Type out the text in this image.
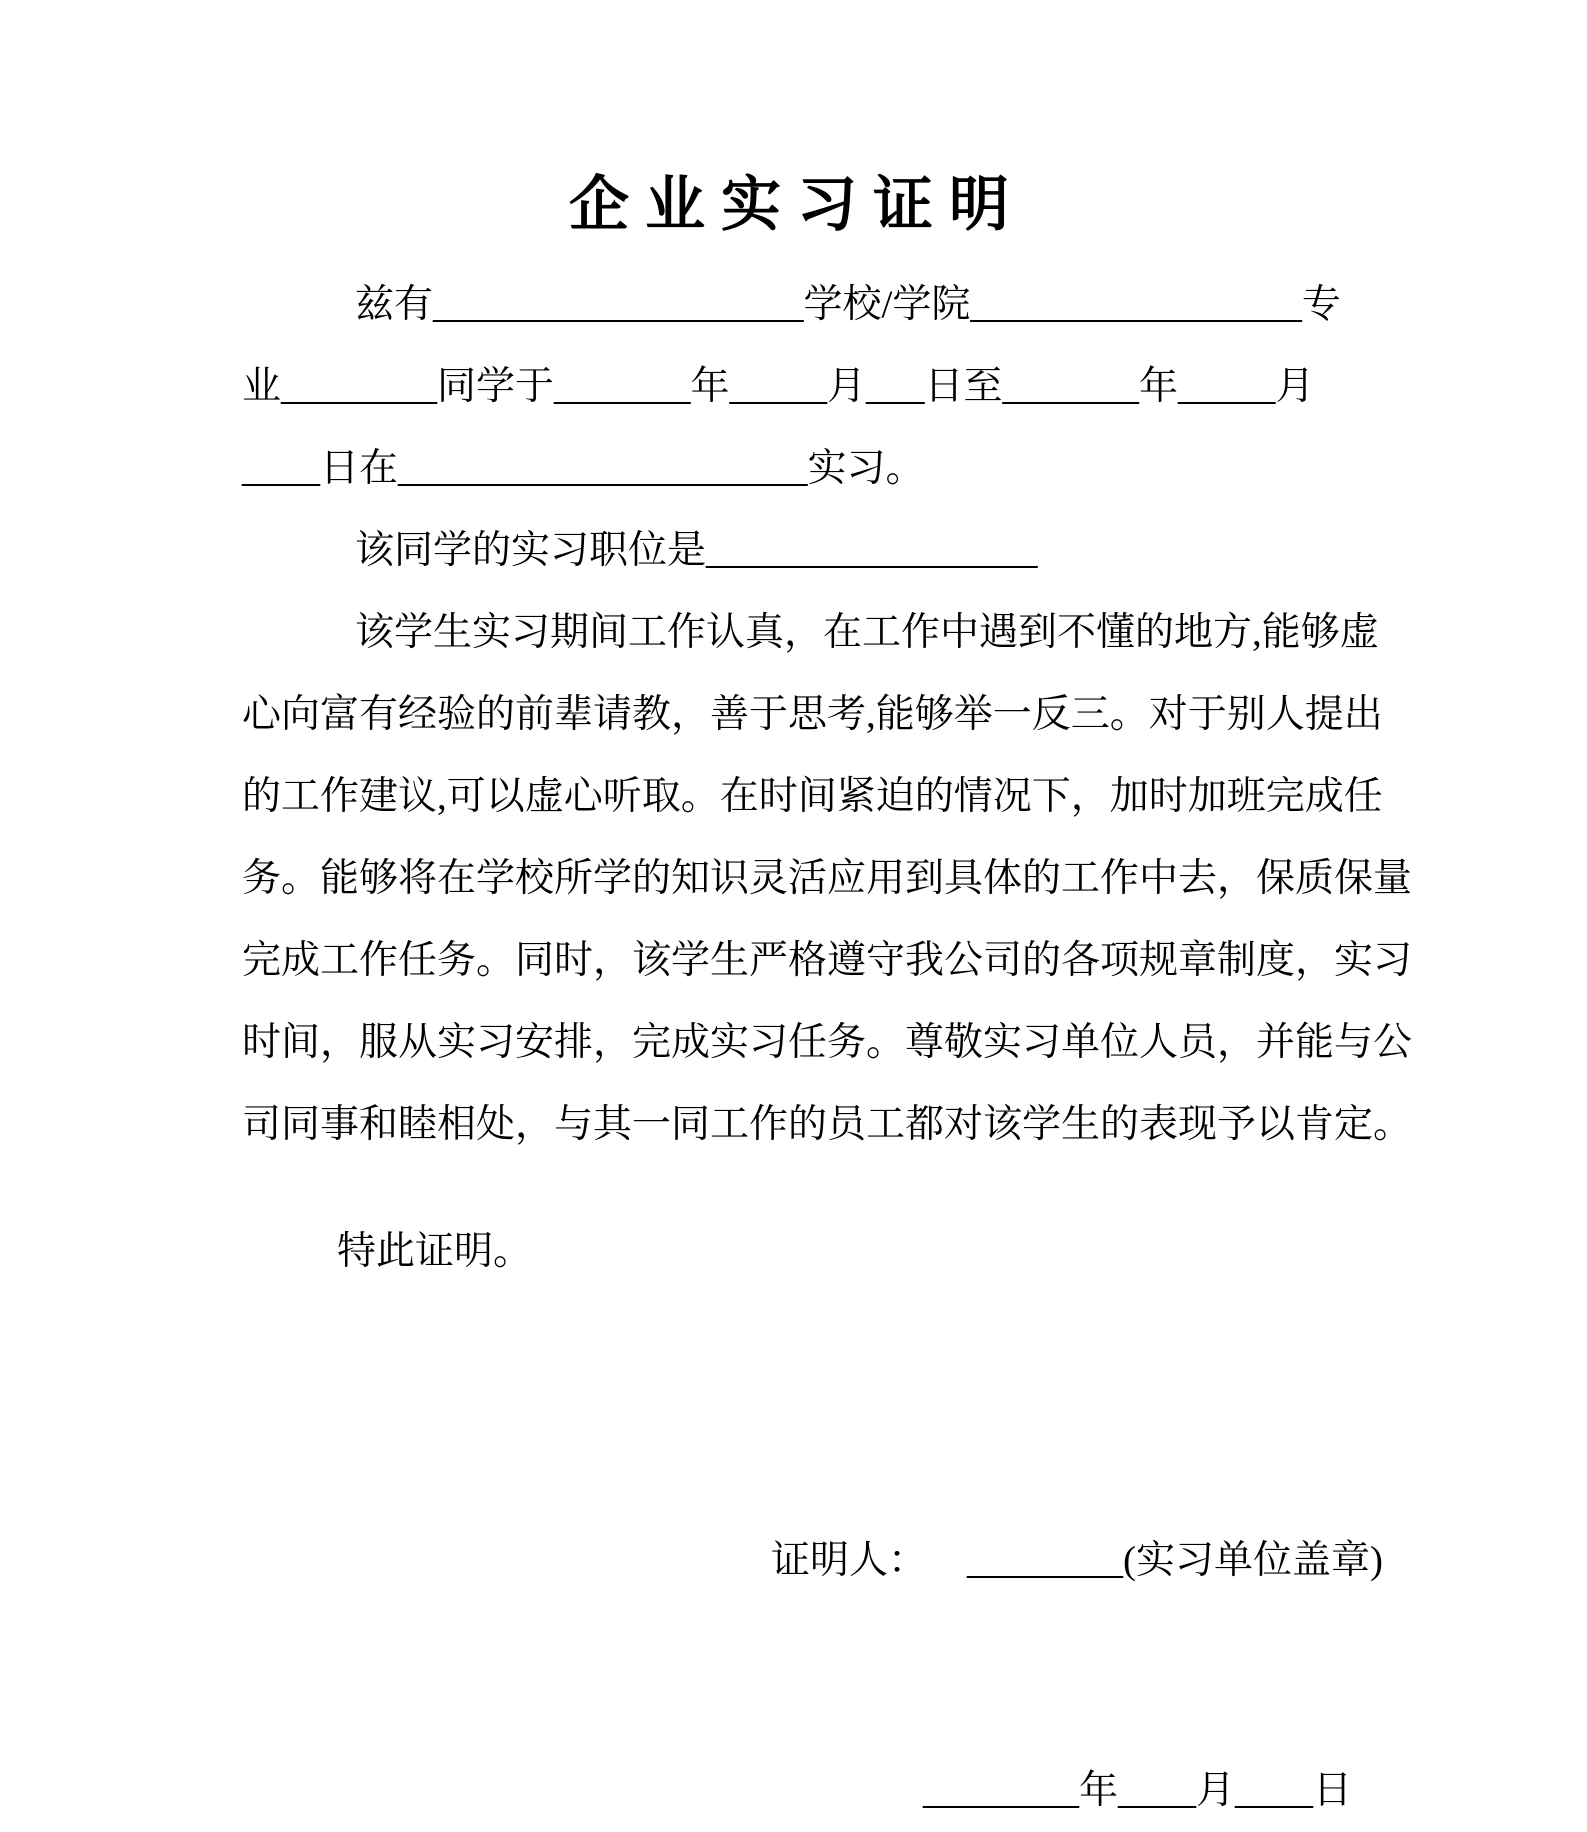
企业实习证明
兹有___________________学校/学院_________________专
业________同学于_______年_____月___日至_______年_____月
____日在_____________________实习。
该同学的实习职位是_________________
该学生实习期间工作认真，在工作中遇到不懂的地方,能够虚
心向富有经验的前辈请教，善于思考,能够举一反三。对于别人提出
的工作建议,可以虚心听取。在时间紧迫的情况下，加时加班完成任
务。能够将在学校所学的知识灵活应用到具体的工作中去，保质保量
完成工作任务。同时，该学生严格遵守我公司的各项规章制度，实习
时间，服从实习安排，完成实习任务。尊敬实习单位人员，并能与公
司同事和睦相处，与其一同工作的员工都对该学生的表现予以肯定。
特此证明。

证明人： ________(实习单位盖章)

________年____月____日
